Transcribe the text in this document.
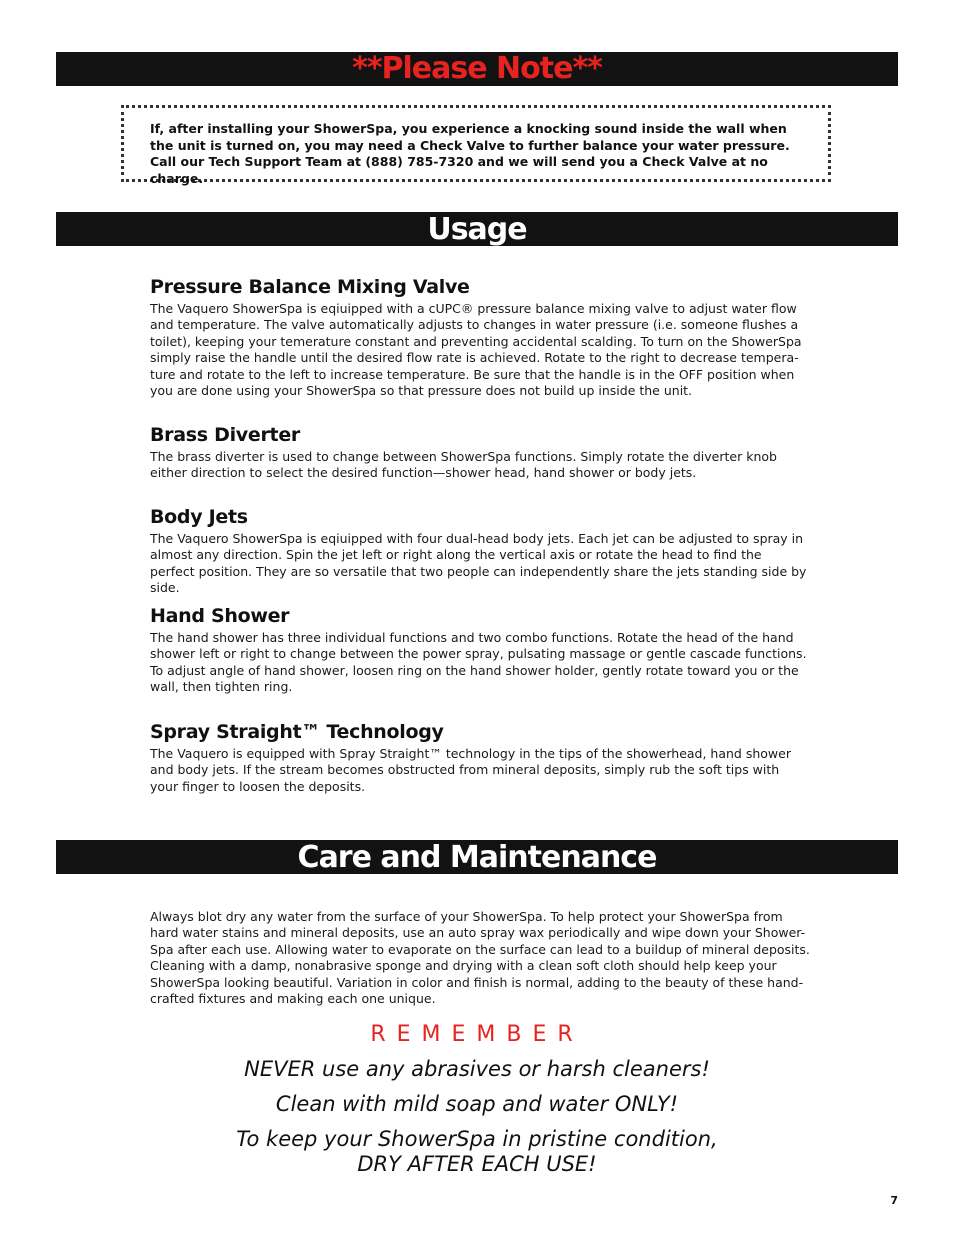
**Please Note**

If, after installing your ShowerSpa, you experience a knocking sound inside the wall when the unit is turned on, you may need a Check Valve to further balance your water pressure. Call our Tech Support Team at (888) 785-7320 and we will send you a Check Valve at no charge.

Usage
Pressure Balance Mixing Valve

The Vaquero ShowerSpa is eqiuipped with a cUPC® pressure balance mixing valve to adjust water flow and temperature. The valve automatically adjusts to changes in water pressure (i.e. someone flushes a toilet), keeping your temerature constant and preventing accidental scalding. To turn on the ShowerSpa simply raise the handle until the desired flow rate is achieved. Rotate to the right to decrease tempera-ture and rotate to the left to increase temperature. Be sure that the handle is in the OFF position when you are done using your ShowerSpa so that pressure does not build up inside the unit.

Brass Diverter

The brass diverter is used to change between ShowerSpa functions. Simply rotate the diverter knob either direction to select the desired function—shower head, hand shower or body jets.

Body Jets

The Vaquero ShowerSpa is eqiuipped with four dual-head body jets. Each jet can be adjusted to spray in almost any direction. Spin the jet left or right along the vertical axis or rotate the head to find the perfect position. They are so versatile that two people can independently share the jets standing side by side.

Hand Shower

The hand shower has three individual functions and two combo functions. Rotate the head of the hand shower left or right to change between the power spray, pulsating massage or gentle cascade functions. To adjust angle of hand shower, loosen ring on the hand shower holder, gently rotate toward you or the wall, then tighten ring.

Spray Straight™ Technology

The Vaquero is equipped with Spray Straight™ technology in the tips of the showerhead, hand shower and body jets. If the stream becomes obstructed from mineral deposits, simply rub the soft tips with your finger to loosen the deposits.

Care and Maintenance

Always blot dry any water from the surface of your ShowerSpa. To help protect your ShowerSpa from hard water stains and mineral deposits, use an auto spray wax periodically and wipe down your Shower-Spa after each use. Allowing water to evaporate on the surface can lead to a buildup of mineral deposits. Cleaning with a damp, nonabrasive sponge and drying with a clean soft cloth should help keep your ShowerSpa looking beautiful. Variation in color and finish is normal, adding to the beauty of these hand-crafted fixtures and making each one unique.

REMEMBER
NEVER use any abrasives or harsh cleaners!
Clean with mild soap and water ONLY!
To keep your ShowerSpa in pristine condition,
DRY AFTER EACH USE!
7
